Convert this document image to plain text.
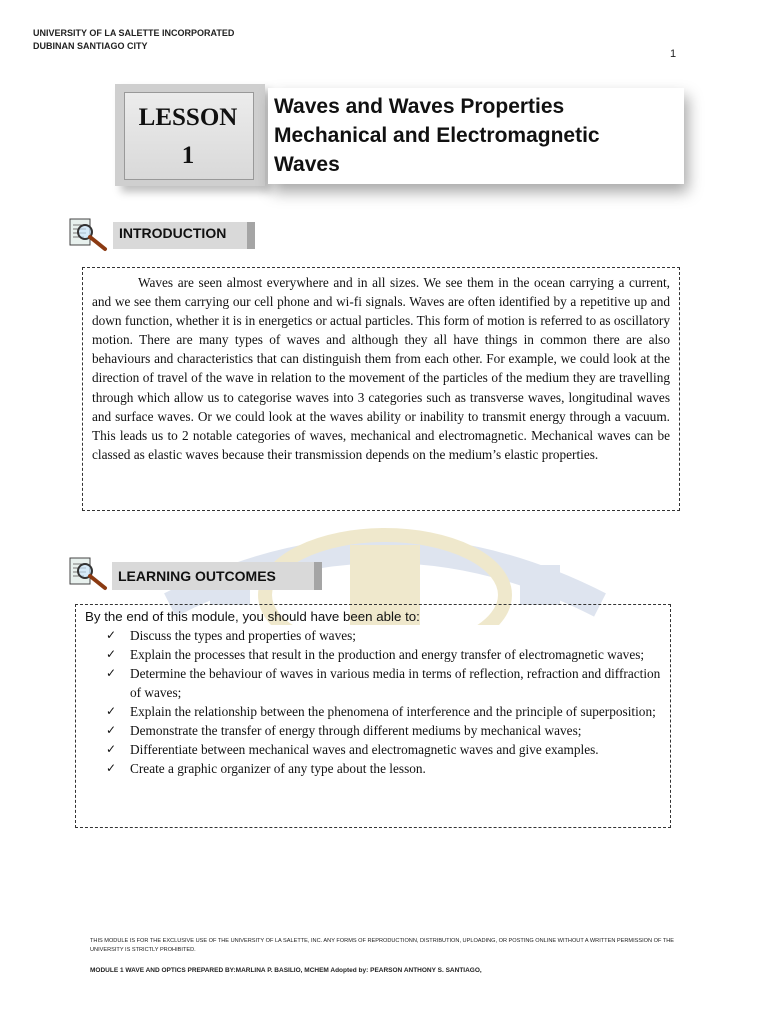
UNIVERSITY OF LA SALETTE INCORPORATED
DUBINAN SANTIAGO CITY
1
LESSON
1
Waves and Waves Properties
Mechanical and Electromagnetic
Waves
INTRODUCTION

Waves are seen almost everywhere and in all sizes. We see them in the ocean carrying a current, and we see them carrying our cell phone and wi-fi signals. Waves are often identified by a repetitive up and down function, whether it is in energetics or actual particles. This form of motion is referred to as oscillatory motion. There are many types of waves and although they all have things in common there are also behaviours and characteristics that can distinguish them from each other. For example, we could look at the direction of travel of the wave in relation to the movement of the particles of the medium they are travelling through which allow us to categorise waves into 3 categories such as transverse waves, longitudinal waves and surface waves. Or we could look at the waves ability or inability to transmit energy through a vacuum. This leads us to 2 notable categories of waves, mechanical and electromagnetic. Mechanical waves can be classed as elastic waves because their transmission depends on the medium’s elastic properties.

LEARNING OUTCOMES
By the end of this module, you should have been able to:
✓ Discuss the types and properties of waves;
✓ Explain the processes that result in the production and energy transfer of electromagnetic waves;
✓ Determine the behaviour of waves in various media in terms of reflection, refraction and diffraction of waves;
✓ Explain the relationship between the phenomena of interference and the principle of superposition;
✓ Demonstrate the transfer of energy through different mediums by mechanical waves;
✓ Differentiate between mechanical waves and electromagnetic waves and give examples.
✓ Create a graphic organizer of any type about the lesson.
THIS MODULE IS FOR THE EXCLUSIVE USE OF THE UNIVERSITY OF LA SALETTE, INC. ANY FORMS OF REPRODUCTIONN, DISTRIBUTION, UPLOADING, OR POSTING ONLINE WITHOUT A WRITTEN PERMISSION OF THE UNIVERSITY IS STRICTLY PROHIBITED.
MODULE 1 WAVE AND OPTICS PREPARED BY:MARLINA P. BASILIO, MCHEM Adopted by: PEARSON ANTHONY S. SANTIAGO,
